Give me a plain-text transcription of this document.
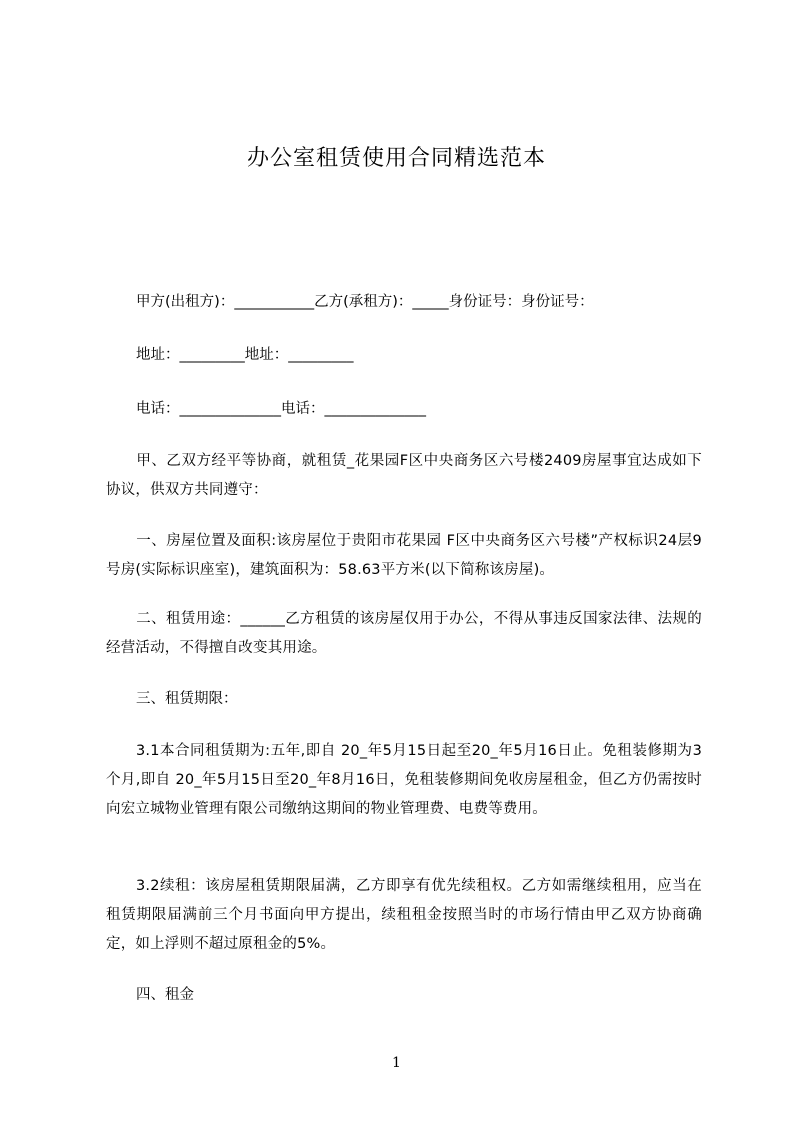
办公室租赁使用合同精选范本
甲方(出租方)：___________乙方(承租方)：_____身份证号：身份证号：
地址：_________地址：_________
电话：______________电话：______________
甲、乙双方经平等协商，就租赁_花果园F区中央商务区六号楼2409房屋事宜达成如下协议，供双方共同遵守：
一、房屋位置及面积:该房屋位于贵阳市花果园 F区中央商务区六号楼”产权标识24层9号房(实际标识座室)，建筑面积为：58.63平方米(以下简称该房屋)。
二、租赁用途：______乙方租赁的该房屋仅用于办公，不得从事违反国家法律、法规的经营活动，不得擅自改变其用途。
三、租赁期限：
3.1本合同租赁期为:五年,即自 20_年5月15日起至20_年5月16日止。免租装修期为3个月,即自 20_年5月15日至20_年8月16日，免租装修期间免收房屋租金，但乙方仍需按时向宏立城物业管理有限公司缴纳这期间的物业管理费、电费等费用。
3.2续租：该房屋租赁期限届满，乙方即享有优先续租权。乙方如需继续租用，应当在租赁期限届满前三个月书面向甲方提出，续租租金按照当时的市场行情由甲乙双方协商确定，如上浮则不超过原租金的5%。
四、租金
1
